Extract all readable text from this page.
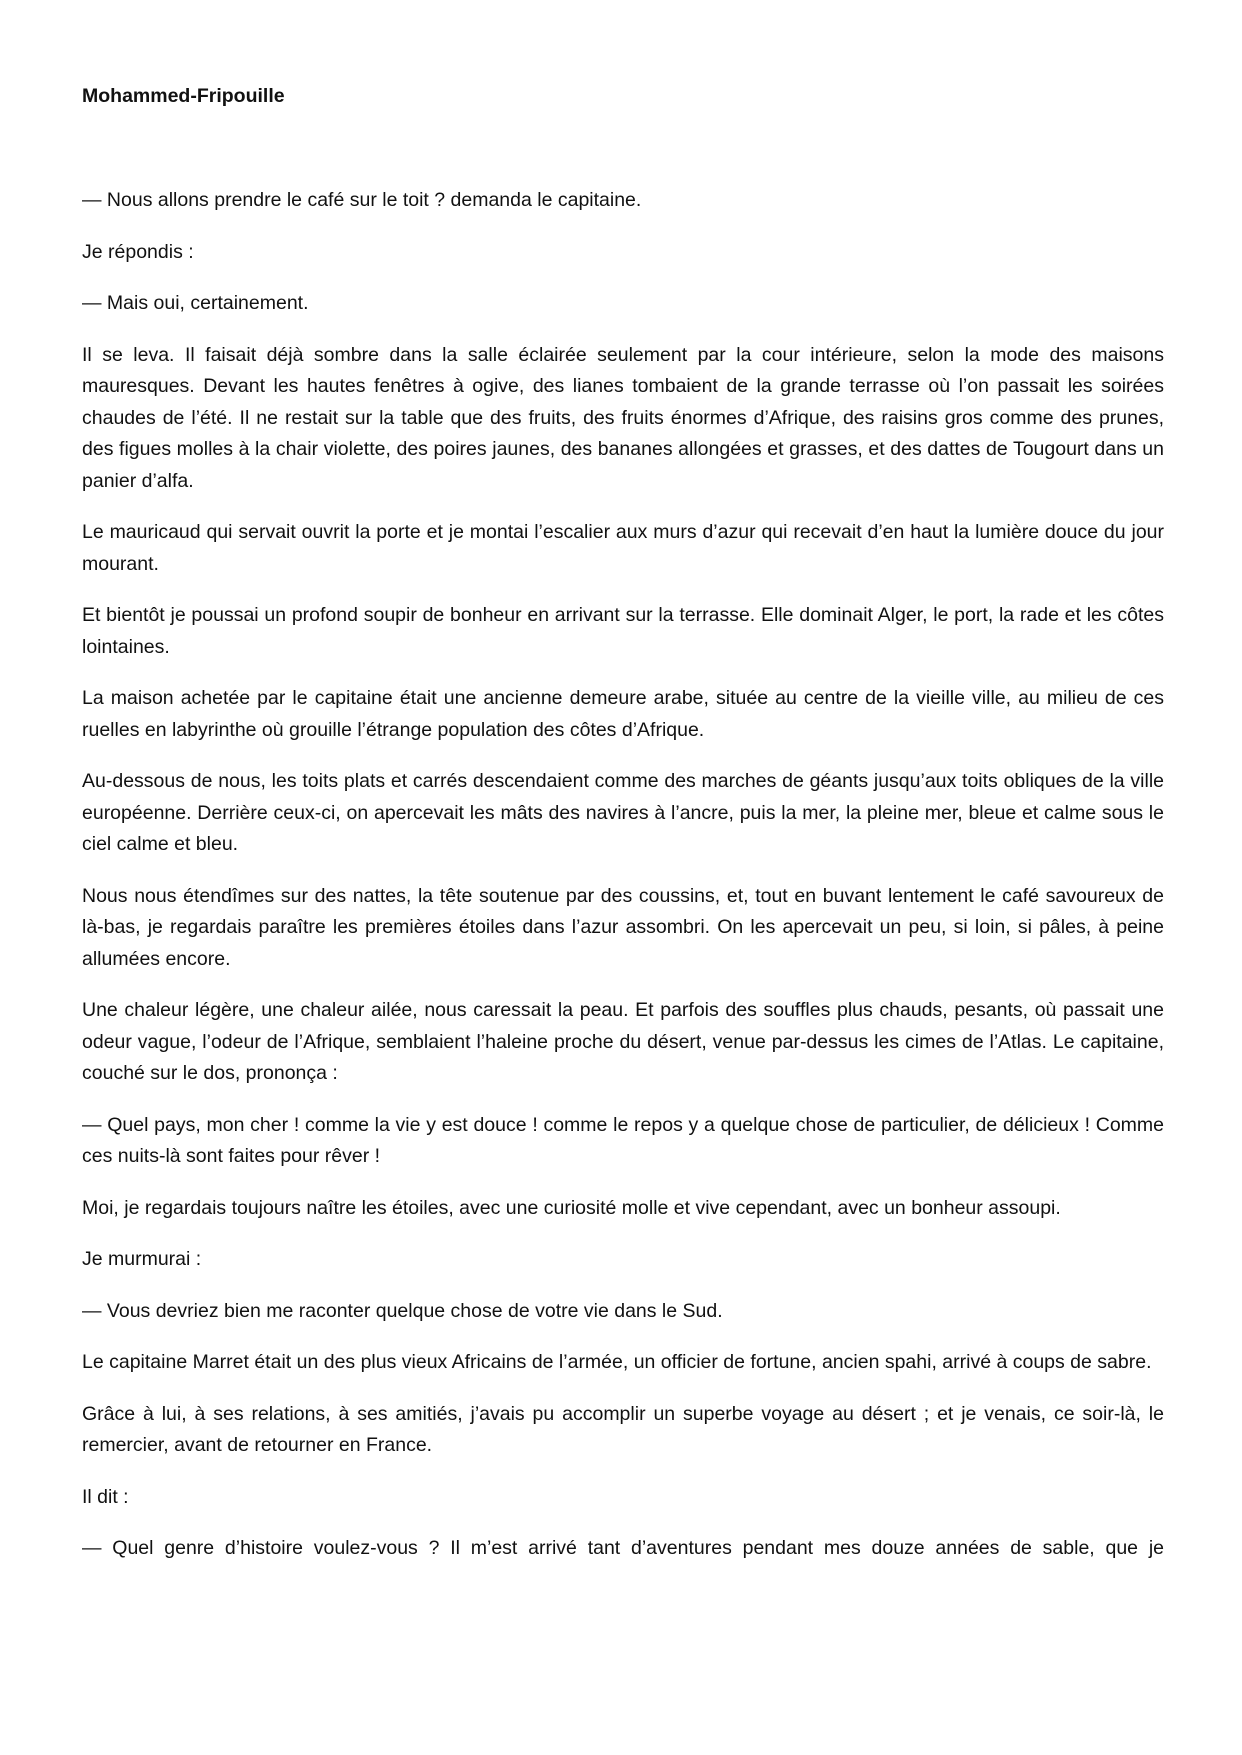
Mohammed-Fripouille

— Nous allons prendre le café sur le toit ? demanda le capitaine.

Je répondis :

— Mais oui, certainement.

Il se leva. Il faisait déjà sombre dans la salle éclairée seulement par la cour intérieure, selon la mode des maisons mauresques. Devant les hautes fenêtres à ogive, des lianes tombaient de la grande terrasse où l’on passait les soirées chaudes de l’été. Il ne restait sur la table que des fruits, des fruits énormes d’Afrique, des raisins gros comme des prunes, des figues molles à la chair violette, des poires jaunes, des bananes allongées et grasses, et des dattes de Tougourt dans un panier d’alfa.

Le mauricaud qui servait ouvrit la porte et je montai l’escalier aux murs d’azur qui recevait d’en haut la lumière douce du jour mourant.

Et bientôt je poussai un profond soupir de bonheur en arrivant sur la terrasse. Elle dominait Alger, le port, la rade et les côtes lointaines.

La maison achetée par le capitaine était une ancienne demeure arabe, située au centre de la vieille ville, au milieu de ces ruelles en labyrinthe où grouille l’étrange population des côtes d’Afrique.

Au-dessous de nous, les toits plats et carrés descendaient comme des marches de géants jusqu’aux toits obliques de la ville européenne. Derrière ceux-ci, on apercevait les mâts des navires à l’ancre, puis la mer, la pleine mer, bleue et calme sous le ciel calme et bleu.

Nous nous étendîmes sur des nattes, la tête soutenue par des coussins, et, tout en buvant lentement le café savoureux de là-bas, je regardais paraître les premières étoiles dans l’azur assombri. On les apercevait un peu, si loin, si pâles, à peine allumées encore.

Une chaleur légère, une chaleur ailée, nous caressait la peau. Et parfois des souffles plus chauds, pesants, où passait une odeur vague, l’odeur de l’Afrique, semblaient l’haleine proche du désert, venue par-dessus les cimes de l’Atlas. Le capitaine, couché sur le dos, prononça :

— Quel pays, mon cher ! comme la vie y est douce ! comme le repos y a quelque chose de particulier, de délicieux ! Comme ces nuits-là sont faites pour rêver !

Moi, je regardais toujours naître les étoiles, avec une curiosité molle et vive cependant, avec un bonheur assoupi.

Je murmurai :

— Vous devriez bien me raconter quelque chose de votre vie dans le Sud.

Le capitaine Marret était un des plus vieux Africains de l’armée, un officier de fortune, ancien spahi, arrivé à coups de sabre.

Grâce à lui, à ses relations, à ses amitiés, j’avais pu accomplir un superbe voyage au désert ; et je venais, ce soir-là, le remercier, avant de retourner en France.

Il dit :

— Quel genre d’histoire voulez-vous ? Il m’est arrivé tant d’aventures pendant mes douze années de sable, que je
